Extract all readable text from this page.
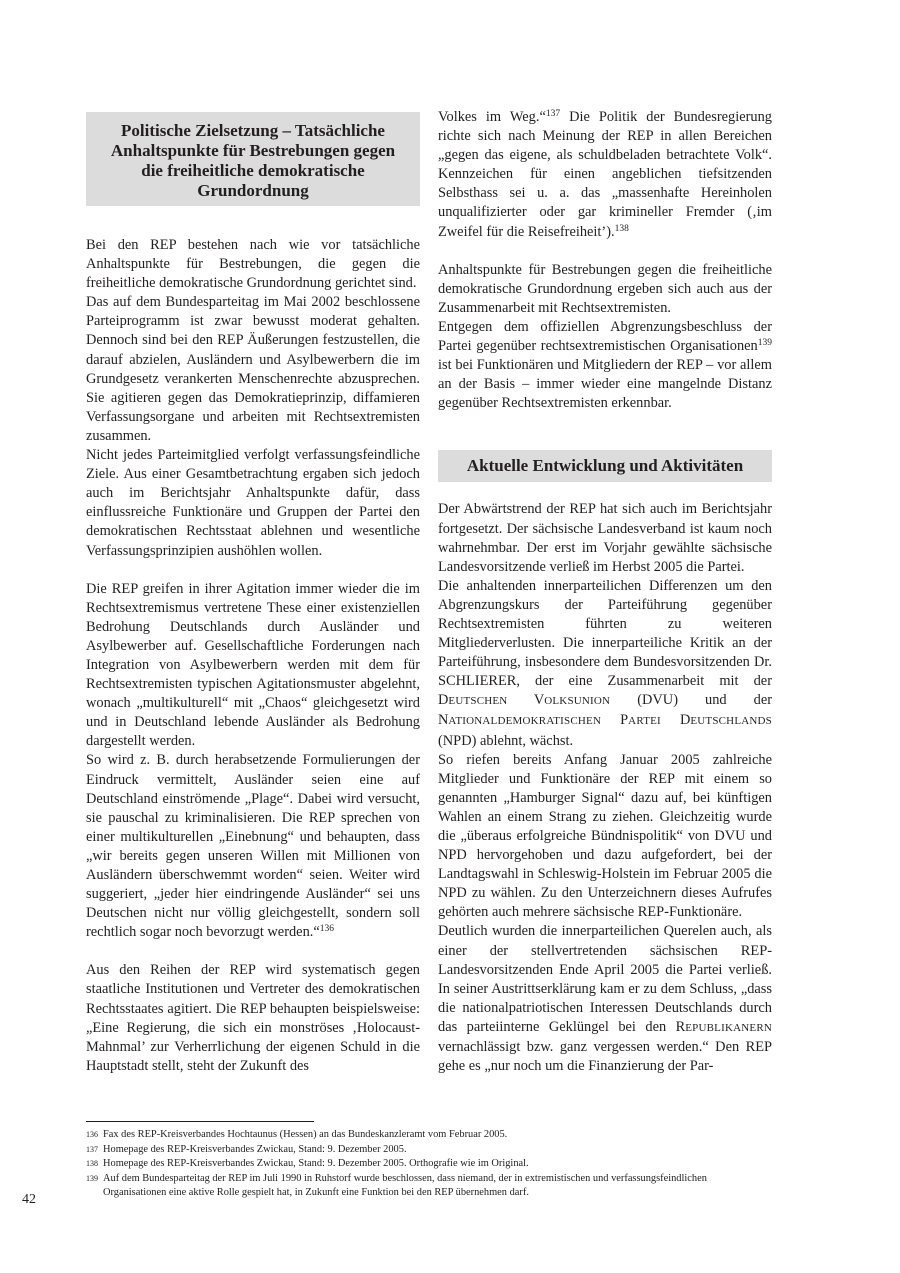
Politische Zielsetzung – Tatsächliche Anhaltspunkte für Bestrebungen gegen die freiheitliche demokratische Grundordnung

Bei den REP bestehen nach wie vor tatsächliche Anhaltspunkte für Bestrebungen, die gegen die freiheitliche demokratische Grundordnung gerichtet sind.

Das auf dem Bundesparteitag im Mai 2002 beschlossene Parteiprogramm ist zwar bewusst moderat gehalten. Dennoch sind bei den REP Äußerungen festzustellen, die darauf abzielen, Ausländern und Asylbewerbern die im Grundgesetz verankerten Menschenrechte abzusprechen. Sie agitieren gegen das Demokratieprinzip, diffamieren Verfassungsorgane und arbeiten mit Rechtsextremisten zusammen.

Nicht jedes Parteimitglied verfolgt verfassungsfeindliche Ziele. Aus einer Gesamtbetrachtung ergaben sich jedoch auch im Berichtsjahr Anhaltspunkte dafür, dass einflussreiche Funktionäre und Gruppen der Partei den demokratischen Rechtsstaat ablehnen und wesentliche Verfassungsprinzipien aushöhlen wollen.

Die REP greifen in ihrer Agitation immer wieder die im Rechtsextremismus vertretene These einer existenziellen Bedrohung Deutschlands durch Ausländer und Asylbewerber auf. Gesellschaftliche Forderungen nach Integration von Asylbewerbern werden mit dem für Rechtsextremisten typischen Agitationsmuster abgelehnt, wonach „multikulturell“ mit „Chaos“ gleichgesetzt wird und in Deutschland lebende Ausländer als Bedrohung dargestellt werden.

So wird z. B. durch herabsetzende Formulierungen der Eindruck vermittelt, Ausländer seien eine auf Deutschland einströmende „Plage“. Dabei wird versucht, sie pauschal zu kriminalisieren. Die REP sprechen von einer multikulturellen „Einebnung“ und behaupten, dass „wir bereits gegen unseren Willen mit Millionen von Ausländern überschwemmt worden“ seien. Weiter wird suggeriert, „jeder hier eindringende Ausländer“ sei uns Deutschen nicht nur völlig gleichgestellt, sondern soll rechtlich sogar noch bevorzugt werden.“$^{136}$

Aus den Reihen der REP wird systematisch gegen staatliche Institutionen und Vertreter des demokratischen Rechtsstaates agitiert. Die REP behaupten beispielsweise: „Eine Regierung, die sich ein monströses ‚Holocaust-Mahnmal’ zur Verherrlichung der eigenen Schuld in die Hauptstadt stellt, steht der Zukunft des

Volkes im Weg.“$^{137}$ Die Politik der Bundesregierung richte sich nach Meinung der REP in allen Bereichen „gegen das eigene, als schuldbeladen betrachtete Volk“. Kennzeichen für einen angeblichen tiefsitzenden Selbsthass sei u. a. das „massenhafte Hereinholen unqualifizierter oder gar krimineller Fremder (‚im Zweifel für die Reisefreiheit’).$^{138}$

Anhaltspunkte für Bestrebungen gegen die freiheitliche demokratische Grundordnung ergeben sich auch aus der Zusammenarbeit mit Rechtsextremisten.

Entgegen dem offiziellen Abgrenzungsbeschluss der Partei gegenüber rechtsextremistischen Organisationen$^{139}$ ist bei Funktionären und Mitgliedern der REP – vor allem an der Basis – immer wieder eine mangelnde Distanz gegenüber Rechtsextremisten erkennbar.

Aktuelle Entwicklung und Aktivitäten

Der Abwärtstrend der REP hat sich auch im Berichtsjahr fortgesetzt. Der sächsische Landesverband ist kaum noch wahrnehmbar. Der erst im Vorjahr gewählte sächsische Landesvorsitzende verließ im Herbst 2005 die Partei.

Die anhaltenden innerparteilichen Differenzen um den Abgrenzungskurs der Parteiführung gegenüber Rechtsextremisten führten zu weiteren Mitgliederverlusten. Die innerparteiliche Kritik an der Parteiführung, insbesondere dem Bundesvorsitzenden Dr. SCHLIERER, der eine Zusammenarbeit mit der DEUTSCHEN VOLKSUNION (DVU) und der NATIONALDEMOKRATISCHEN PARTEI DEUTSCHLANDS (NPD) ablehnt, wächst.

So riefen bereits Anfang Januar 2005 zahlreiche Mitglieder und Funktionäre der REP mit einem so genannten „Hamburger Signal“ dazu auf, bei künftigen Wahlen an einem Strang zu ziehen. Gleichzeitig wurde die „überaus erfolgreiche Bündnispolitik“ von DVU und NPD hervorgehoben und dazu aufgefordert, bei der Landtagswahl in Schleswig-Holstein im Februar 2005 die NPD zu wählen. Zu den Unterzeichnern dieses Aufrufes gehörten auch mehrere sächsische REP-Funktionäre.

Deutlich wurden die innerparteilichen Querelen auch, als einer der stellvertretenden sächsischen REP-Landesvorsitzenden Ende April 2005 die Partei verließ. In seiner Austrittserklärung kam er zu dem Schluss, „dass die nationalpatriotischen Interessen Deutschlands durch das parteiinterne Geklüngel bei den REPUBLIKANERN vernachlässigt bzw. ganz vergessen werden.“ Den REP gehe es „nur noch um die Finanzierung der Par-

136 Fax des REP-Kreisverbandes Hochtaunus (Hessen) an das Bundeskanzleramt vom Februar 2005.
137 Homepage des REP-Kreisverbandes Zwickau, Stand: 9. Dezember 2005.
138 Homepage des REP-Kreisverbandes Zwickau, Stand: 9. Dezember 2005. Orthografie wie im Original.
139 Auf dem Bundesparteitag der REP im Juli 1990 in Ruhstorf wurde beschlossen, dass niemand, der in extremistischen und verfassungsfeindlichen Organisationen eine aktive Rolle gespielt hat, in Zukunft eine Funktion bei den REP übernehmen darf.
42
